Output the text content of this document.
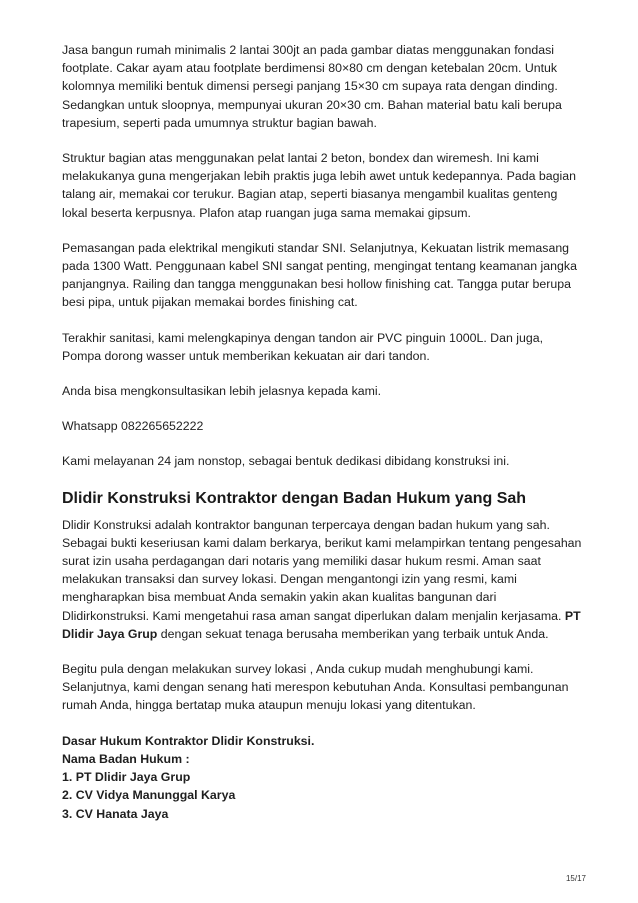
Jasa bangun rumah minimalis 2 lantai 300jt an pada gambar diatas menggunakan fondasi footplate. Cakar ayam atau footplate berdimensi 80×80 cm dengan ketebalan 20cm. Untuk kolomnya memiliki bentuk dimensi persegi panjang 15×30 cm supaya rata dengan dinding. Sedangkan untuk sloopnya, mempunyai ukuran 20×30 cm. Bahan material batu kali berupa trapesium, seperti pada umumnya struktur bagian bawah.

Struktur bagian atas menggunakan pelat lantai 2 beton, bondex dan wiremesh. Ini kami melakukanya guna mengerjakan lebih praktis juga lebih awet untuk kedepannya. Pada bagian talang air, memakai cor terukur. Bagian atap, seperti biasanya mengambil kualitas genteng lokal beserta kerpusnya. Plafon atap ruangan juga sama memakai gipsum.

Pemasangan pada elektrikal mengikuti standar SNI. Selanjutnya, Kekuatan listrik memasang pada 1300 Watt. Penggunaan kabel SNI sangat penting, mengingat tentang keamanan jangka panjangnya. Railing dan tangga menggunakan besi hollow finishing cat. Tangga putar berupa besi pipa, untuk pijakan memakai bordes finishing cat.

Terakhir sanitasi, kami melengkapinya dengan tandon air PVC pinguin 1000L. Dan juga, Pompa dorong wasser untuk memberikan kekuatan air dari tandon.

Anda bisa mengkonsultasikan lebih jelasnya kepada kami.

Whatsapp 082265652222

Kami melayanan 24 jam nonstop, sebagai bentuk dedikasi dibidang konstruksi ini.

Dlidir Konstruksi Kontraktor dengan Badan Hukum yang Sah

Dlidir Konstruksi adalah kontraktor bangunan terpercaya dengan badan hukum yang sah. Sebagai bukti keseriusan kami dalam berkarya, berikut kami melampirkan tentang pengesahan surat izin usaha perdagangan dari notaris yang memiliki dasar hukum resmi. Aman saat melakukan transaksi dan survey lokasi. Dengan mengantongi izin yang resmi, kami mengharapkan bisa membuat Anda semakin yakin akan kualitas bangunan dari Dlidirkonstruksi. Kami mengetahui rasa aman sangat diperlukan dalam menjalin kerjasama. PT Dlidir Jaya Grup dengan sekuat tenaga berusaha memberikan yang terbaik untuk Anda.

Begitu pula dengan melakukan survey lokasi , Anda cukup mudah menghubungi kami. Selanjutnya, kami dengan senang hati merespon kebutuhan Anda. Konsultasi pembangunan rumah Anda, hingga bertatap muka ataupun menuju lokasi yang ditentukan.

Dasar Hukum Kontraktor Dlidir Konstruksi.
Nama Badan Hukum :
1. PT Dlidir Jaya Grup
2. CV Vidya Manunggal Karya
3. CV Hanata Jaya
15/17
